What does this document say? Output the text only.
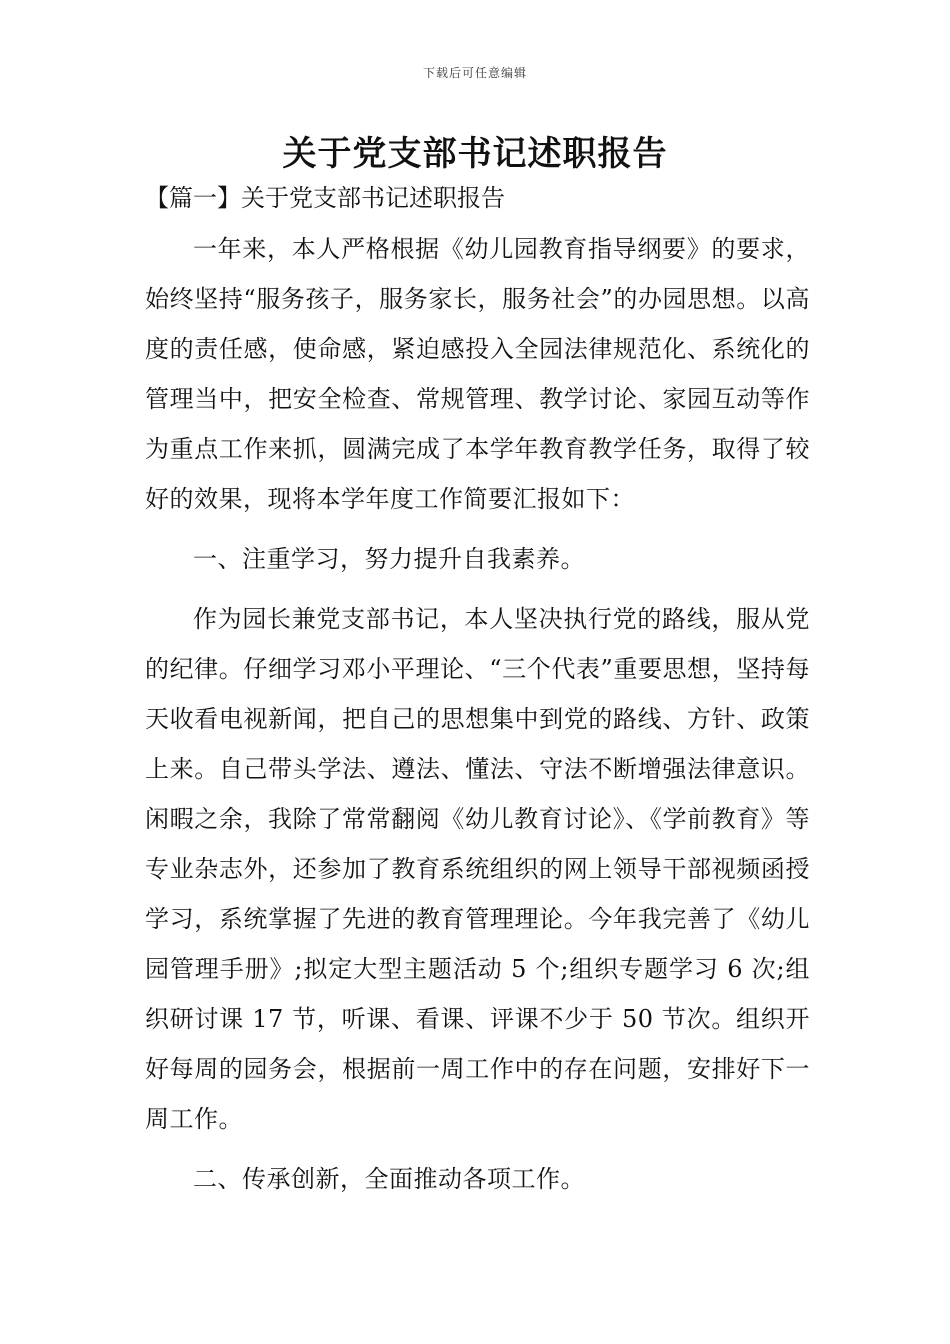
下载后可任意编辑
关于党支部书记述职报告

【篇一】关于党支部书记述职报告

一年来，本人严格根据《幼儿园教育指导纲要》的要求，始终坚持“服务孩子，服务家长，服务社会”的办园思想。以高度的责任感，使命感，紧迫感投入全园法律规范化、系统化的管理当中，把安全检查、常规管理、教学讨论、家园互动等作为重点工作来抓，圆满完成了本学年教育教学任务，取得了较好的效果，现将本学年度工作简要汇报如下：

一、注重学习，努力提升自我素养。

作为园长兼党支部书记，本人坚决执行党的路线，服从党的纪律。仔细学习邓小平理论、“三个代表”重要思想，坚持每天收看电视新闻，把自己的思想集中到党的路线、方针、政策上来。自己带头学法、遵法、懂法、守法不断增强法律意识。闲暇之余，我除了常常翻阅《幼儿教育讨论》、《学前教育》等专业杂志外，还参加了教育系统组织的网上领导干部视频函授学习，系统掌握了先进的教育管理理论。今年我完善了《幼儿园管理手册》;拟定大型主题活动 5 个;组织专题学习 6 次;组织研讨课 17 节，听课、看课、评课不少于 50 节次。组织开好每周的园务会，根据前一周工作中的存在问题，安排好下一周工作。

二、传承创新，全面推动各项工作。
